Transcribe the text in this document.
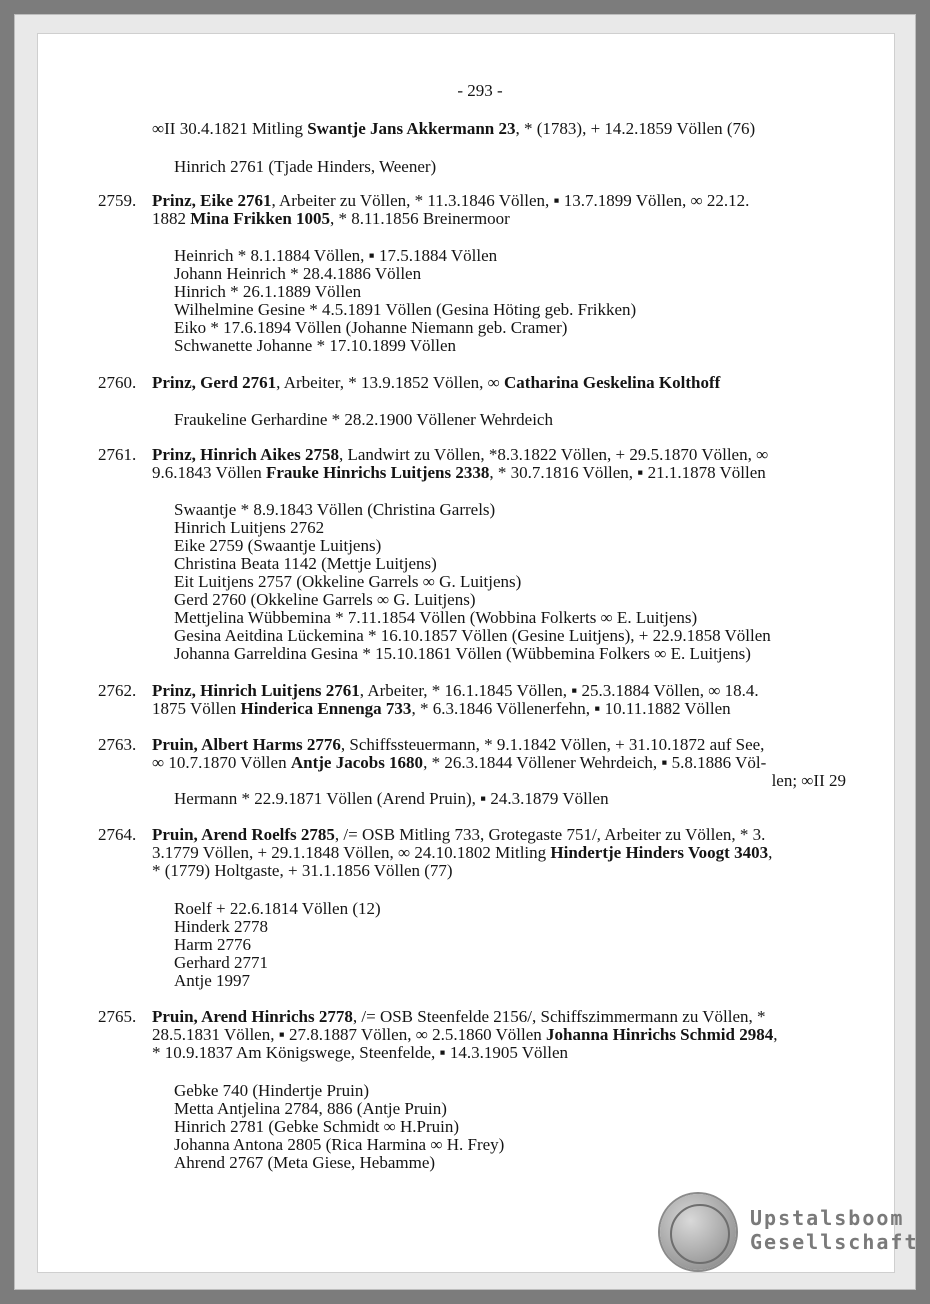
- 293 -
∞II 30.4.1821 Mitling Swantje Jans Akkermann 23, * (1783), + 14.2.1859 Völlen (76)
Hinrich 2761 (Tjade Hinders, Weener)
2759. Prinz, Eike 2761, Arbeiter zu Völlen, * 11.3.1846 Völlen, ▪ 13.7.1899 Völlen, ∞ 22.12.
1882 Mina Frikken 1005, * 8.11.1856 Breinermoor
Heinrich * 8.1.1884 Völlen, ▪ 17.5.1884 Völlen
Johann Heinrich * 28.4.1886 Völlen
Hinrich * 26.1.1889 Völlen
Wilhelmine Gesine * 4.5.1891 Völlen (Gesina Höting geb. Frikken)
Eiko * 17.6.1894 Völlen (Johanne Niemann geb. Cramer)
Schwanette Johanne * 17.10.1899 Völlen
2760. Prinz, Gerd 2761, Arbeiter, * 13.9.1852 Völlen, ∞ Catharina Geskelina Kolthoff
Fraukeline Gerhardine * 28.2.1900 Völlener Wehrdeich
2761. Prinz, Hinrich Aikes 2758, Landwirt zu Völlen, *8.3.1822 Völlen, + 29.5.1870 Völlen, ∞
9.6.1843 Völlen Frauke Hinrichs Luitjens 2338, * 30.7.1816 Völlen, ▪ 21.1.1878 Völlen
Swaantje * 8.9.1843 Völlen (Christina Garrels)
Hinrich Luitjens 2762
Eike 2759 (Swaantje Luitjens)
Christina Beata 1142 (Mettje Luitjens)
Eit Luitjens 2757 (Okkeline Garrels ∞ G. Luitjens)
Gerd 2760 (Okkeline Garrels ∞ G. Luitjens)
Mettjelina Wübbemina * 7.11.1854 Völlen (Wobbina Folkerts ∞ E. Luitjens)
Gesina Aeitdina Lückemina * 16.10.1857 Völlen (Gesine Luitjens), + 22.9.1858 Völlen
Johanna Garreldina Gesina * 15.10.1861 Völlen (Wübbemina Folkers ∞ E. Luitjens)
2762. Prinz, Hinrich Luitjens 2761, Arbeiter, * 16.1.1845 Völlen, ▪ 25.3.1884 Völlen, ∞ 18.4.
1875 Völlen Hinderica Ennenga 733, * 6.3.1846 Völlenerfehn, ▪ 10.11.1882 Völlen
2763. Pruin, Albert Harms 2776, Schiffssteuermann, * 9.1.1842 Völlen, + 31.10.1872 auf See,
∞ 10.7.1870 Völlen Antje Jacobs 1680, * 26.3.1844 Völlener Wehrdeich, ▪ 5.8.1886 Völ-
len; ∞II 29
Hermann * 22.9.1871 Völlen (Arend Pruin), ▪ 24.3.1879 Völlen
2764. Pruin, Arend Roelfs 2785, /= OSB Mitling 733, Grotegaste 751/, Arbeiter zu Völlen, * 3.
3.1779 Völlen, + 29.1.1848 Völlen, ∞ 24.10.1802 Mitling Hindertje Hinders Voogt 3403,
* (1779) Holtgaste, + 31.1.1856 Völlen (77)
Roelf + 22.6.1814 Völlen (12)
Hinderk 2778
Harm 2776
Gerhard 2771
Antje 1997
2765. Pruin, Arend Hinrichs 2778, /= OSB Steenfelde 2156/, Schiffszimmermann zu Völlen, *
28.5.1831 Völlen, ▪ 27.8.1887 Völlen, ∞ 2.5.1860 Völlen Johanna Hinrichs Schmid 2984,
* 10.9.1837 Am Königswege, Steenfelde, ▪ 14.3.1905 Völlen
Gebke 740 (Hindertje Pruin)
Metta Antjelina 2784, 886 (Antje Pruin)
Hinrich 2781 (Gebke Schmidt ∞ H.Pruin)
Johanna Antona 2805 (Rica Harmina ∞ H. Frey)
Ahrend 2767 (Meta Giese, Hebamme)
Upstalsboom
Gesellschaft
